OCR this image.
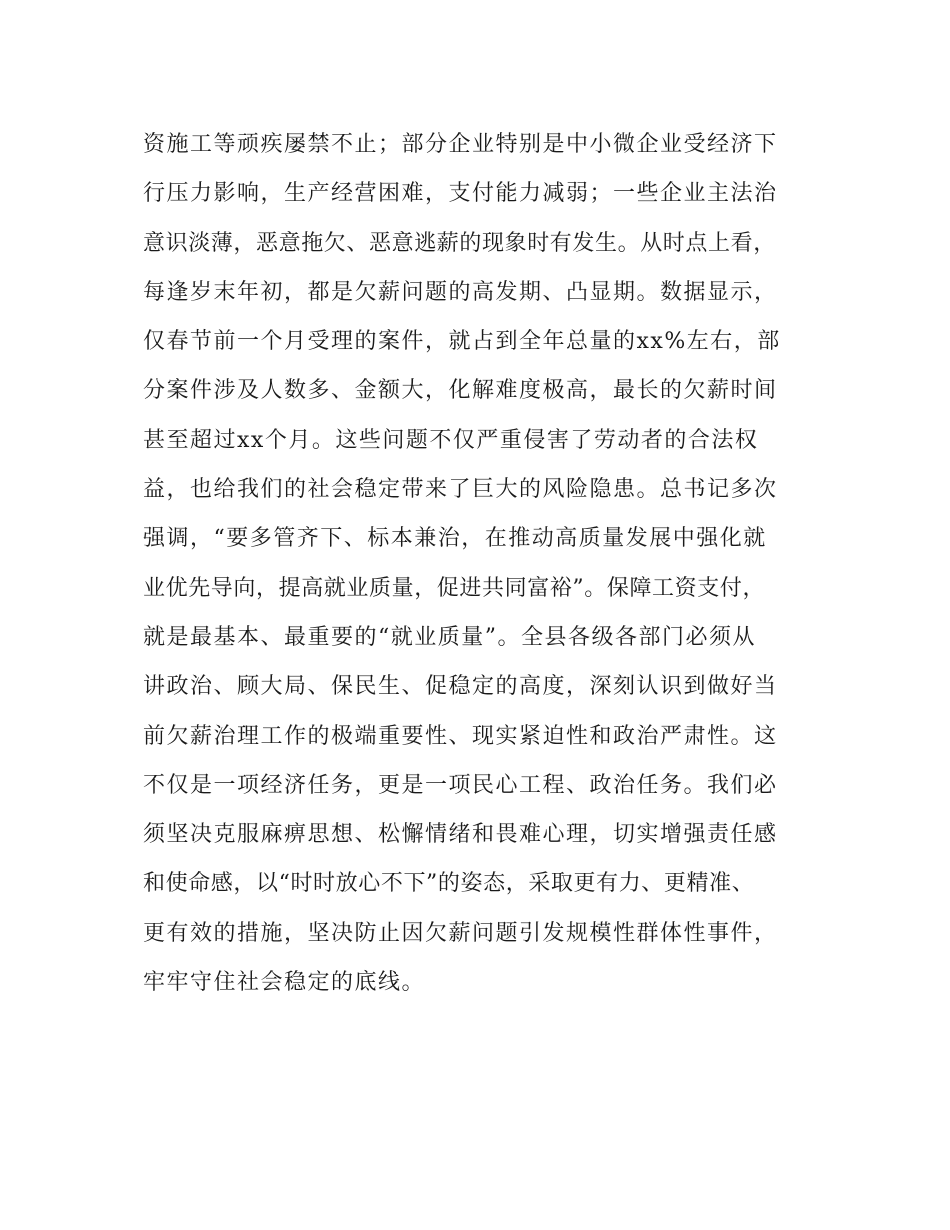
资施工等顽疾屡禁不止；部分企业特别是中小微企业受经济下
行压力影响，生产经营困难，支付能力减弱；一些企业主法治
意识淡薄，恶意拖欠、恶意逃薪的现象时有发生。从时点上看，
每逢岁末年初，都是欠薪问题的高发期、凸显期。数据显示，
仅春节前一个月受理的案件，就占到全年总量的xx%左右，部
分案件涉及人数多、金额大，化解难度极高，最长的欠薪时间
甚至超过xx个月。这些问题不仅严重侵害了劳动者的合法权
益，也给我们的社会稳定带来了巨大的风险隐患。总书记多次
强调，“要多管齐下、标本兼治，在推动高质量发展中强化就
业优先导向，提高就业质量，促进共同富裕”。保障工资支付，
就是最基本、最重要的“就业质量”。全县各级各部门必须从
讲政治、顾大局、保民生、促稳定的高度，深刻认识到做好当
前欠薪治理工作的极端重要性、现实紧迫性和政治严肃性。这
不仅是一项经济任务，更是一项民心工程、政治任务。我们必
须坚决克服麻痹思想、松懈情绪和畏难心理，切实增强责任感
和使命感，以“时时放心不下”的姿态，采取更有力、更精准、
更有效的措施，坚决防止因欠薪问题引发规模性群体性事件，
牢牢守住社会稳定的底线。
